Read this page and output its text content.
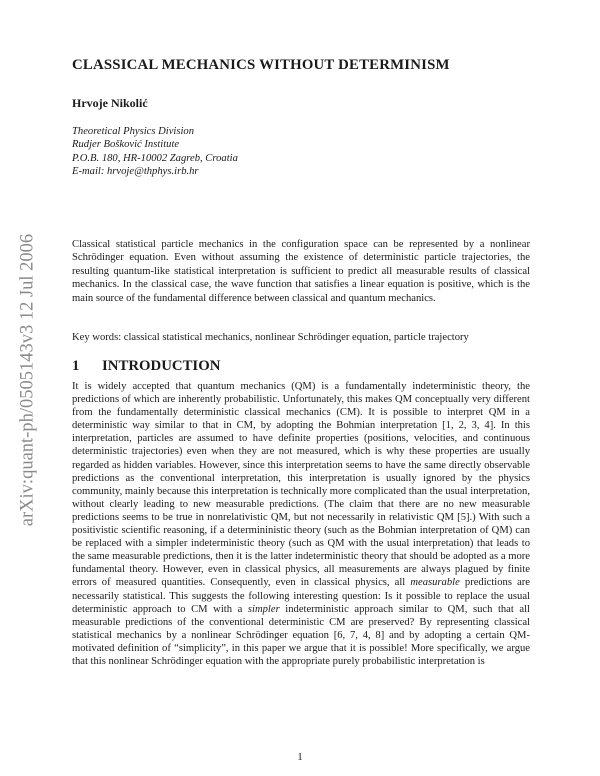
arXiv:quant-ph/0505143v3 12 Jul 2006
CLASSICAL MECHANICS WITHOUT DETERMINISM

Hrvoje Nikolić

Theoretical Physics Division
Rudjer Bošković Institute
P.O.B. 180, HR-10002 Zagreb, Croatia
E-mail: hrvoje@thphys.irb.hr

Classical statistical particle mechanics in the configuration space can be represented by a nonlinear Schrödinger equation. Even without assuming the existence of deterministic particle trajectories, the resulting quantum-like statistical interpretation is sufficient to predict all measurable results of classical mechanics. In the classical case, the wave function that satisfies a linear equation is positive, which is the main source of the fundamental difference between classical and quantum mechanics.

Key words: classical statistical mechanics, nonlinear Schrödinger equation, particle trajectory

1 INTRODUCTION

It is widely accepted that quantum mechanics (QM) is a fundamentally indeterministic theory, the predictions of which are inherently probabilistic. Unfortunately, this makes QM conceptually very different from the fundamentally deterministic classical mechanics (CM). It is possible to interpret QM in a deterministic way similar to that in CM, by adopting the Bohmian interpretation [1, 2, 3, 4]. In this interpretation, particles are assumed to have definite properties (positions, velocities, and continuous deterministic trajectories) even when they are not measured, which is why these properties are usually regarded as hidden variables. However, since this interpretation seems to have the same directly observable predictions as the conventional interpretation, this interpretation is usually ignored by the physics community, mainly because this interpretation is technically more complicated than the usual interpretation, without clearly leading to new measurable predictions. (The claim that there are no new measurable predictions seems to be true in nonrelativistic QM, but not necessarily in relativistic QM [5].) With such a positivistic scientific reasoning, if a determininistic theory (such as the Bohmian interpretation of QM) can be replaced with a simpler indeterministic theory (such as QM with the usual interpretation) that leads to the same measurable predictions, then it is the latter indeterministic theory that should be adopted as a more fundamental theory. However, even in classical physics, all measurements are always plagued by finite errors of measured quantities. Consequently, even in classical physics, all measurable predictions are necessarily statistical. This suggests the following interesting question: Is it possible to replace the usual deterministic approach to CM with a simpler indeterministic approach similar to QM, such that all measurable predictions of the conventional deterministic CM are preserved? By representing classical statistical mechanics by a nonlinear Schrödinger equation [6, 7, 4, 8] and by adopting a certain QM-motivated definition of “simplicity”, in this paper we argue that it is possible! More specifically, we argue that this nonlinear Schrödinger equation with the appropriate purely probabilistic interpretation is

1
